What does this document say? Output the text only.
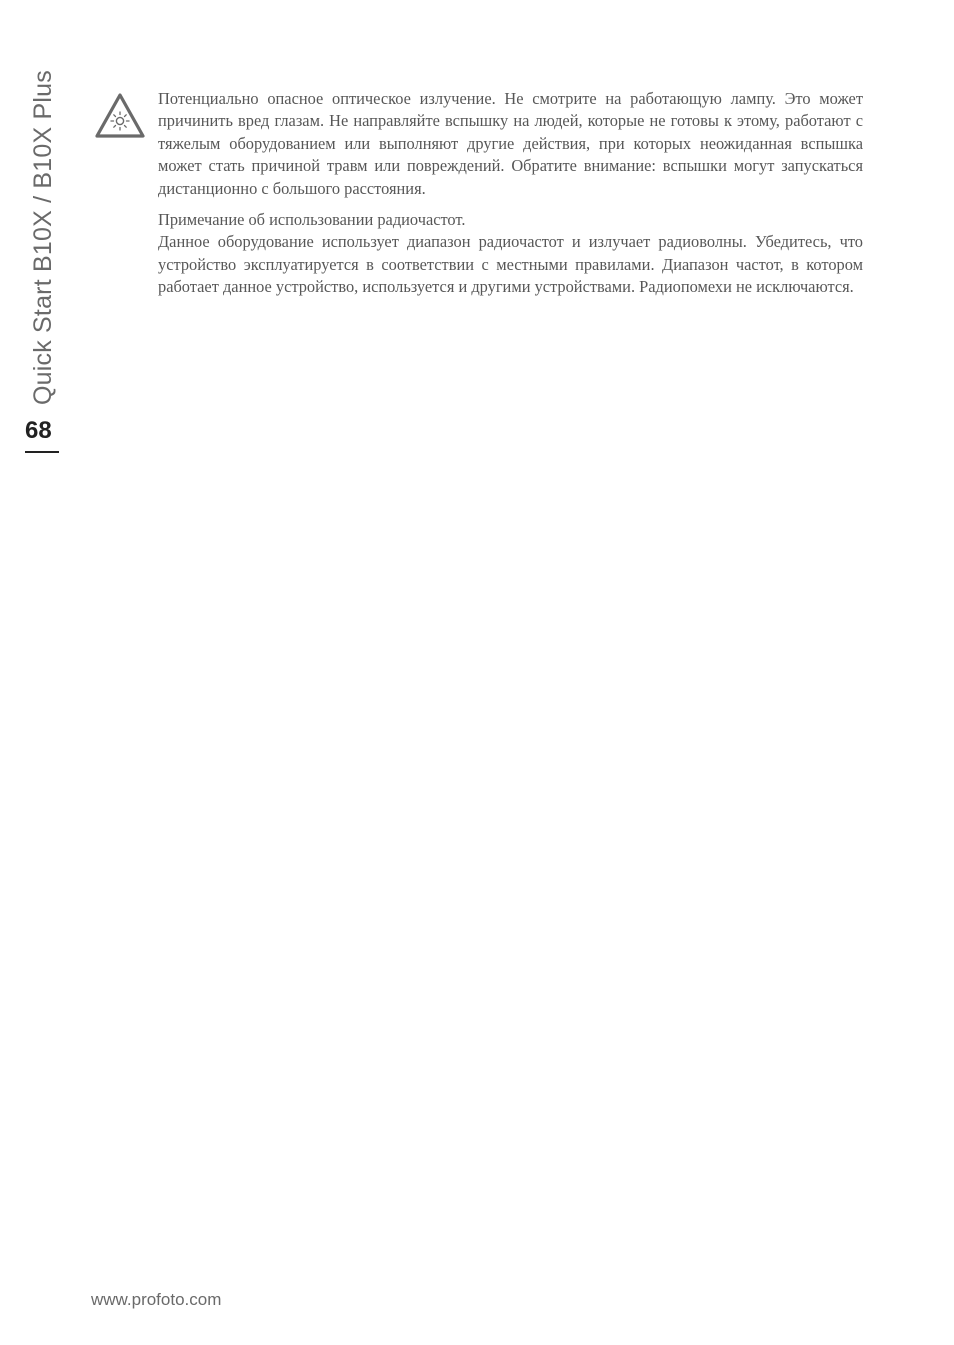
Quick Start B10X / B10X Plus
68

Потенциально опасное оптическое излучение. Не смотрите на работающую лампу. Это может причинить вред глазам. Не направляйте вспышку на людей, которые не готовы к этому, работают с тяжелым оборудованием или выполняют другие действия, при которых неожиданная вспышка может стать причиной травм или повреждений. Обратите внимание: вспышки могут запускаться дистанционно с большого расстояния.

Примечание об использовании радиочастот.

Данное оборудование использует диапазон радиочастот и излучает радиоволны. Убедитесь, что устройство эксплуатируется в соответствии с местными правилами. Диапазон частот, в котором работает данное устройство, используется и другими устройствами. Радиопомехи не исключаются.

www.profoto.com
